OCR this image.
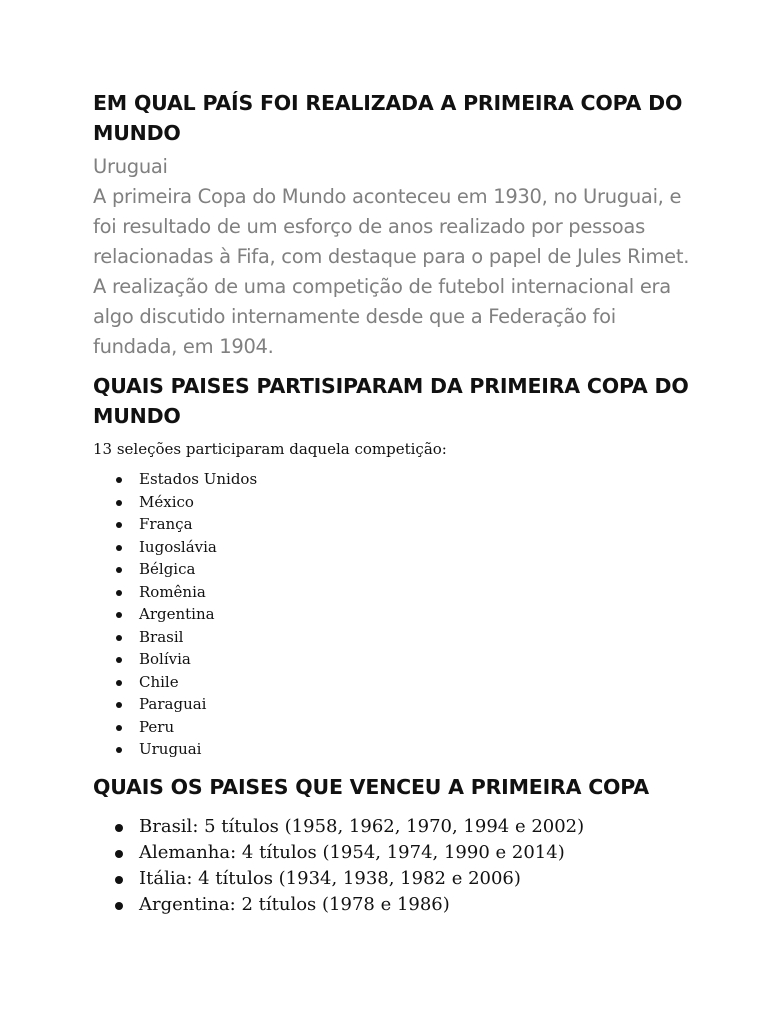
EM QUAL PAÍS FOI REALIZADA A PRIMEIRA COPA DO MUNDO

Uruguai

A primeira Copa do Mundo aconteceu em 1930, no Uruguai, e foi resultado de um esforço de anos realizado por pessoas relacionadas à Fifa, com destaque para o papel de Jules Rimet. A realização de uma competição de futebol internacional era algo discutido internamente desde que a Federação foi fundada, em 1904.

QUAIS PAISES PARTISIPARAM DA PRIMEIRA COPA DO MUNDO

13 seleções participaram daquela competição:

Estados Unidos
México
França
Iugoslávia
Bélgica
Romênia
Argentina
Brasil
Bolívia
Chile
Paraguai
Peru
Uruguai
QUAIS OS PAISES QUE VENCEU A PRIMEIRA COPA
Brasil: 5 títulos (1958, 1962, 1970, 1994 e 2002)
Alemanha: 4 títulos (1954, 1974, 1990 e 2014)
Itália: 4 títulos (1934, 1938, 1982 e 2006)
Argentina: 2 títulos (1978 e 1986)
